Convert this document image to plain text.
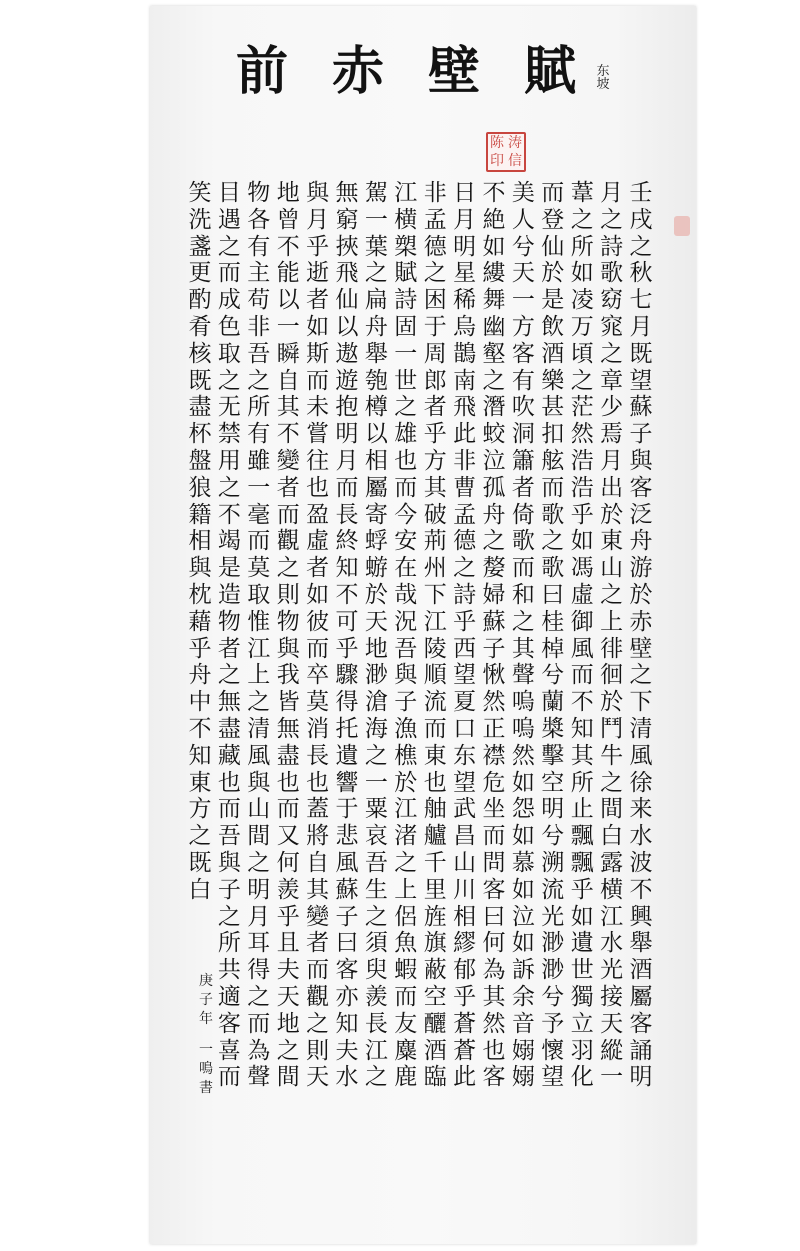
前 赤 壁 賦 东
坡
陈 涛
印 信
壬
戌
之
秋
七
月
既
望
蘇
子
與
客
泛
舟
游
於
赤
壁
之
下
清
風
徐
来
水
波
不
興
舉
酒
屬
客
誦
明
月
之
詩
歌
窈
窕
之
章
少
焉
月
出
於
東
山
之
上
徘
徊
於
鬥
牛
之
間
白
露
横
江
水
光
接
天
縱
一
葦
之
所
如
凌
万
頃
之
茫
然
浩
浩
乎
如
馮
虛
御
風
而
不
知
其
所
止
飄
飄
乎
如
遺
世
獨
立
羽
化
而
登
仙
於
是
飲
酒
樂
甚
扣
舷
而
歌
之
歌
曰
桂
棹
兮
蘭
槳
擊
空
明
兮
溯
流
光
渺
渺
兮
予
懷
望
美
人
兮
天
一
方
客
有
吹
洞
簫
者
倚
歌
而
和
之
其
聲
嗚
嗚
然
如
怨
如
慕
如
泣
如
訴
余
音
嫋
嫋
不
絶
如
縷
舞
幽
壑
之
潛
蛟
泣
孤
舟
之
嫠
婦
蘇
子
愀
然
正
襟
危
坐
而
問
客
曰
何
為
其
然
也
客
日
月
明
星
稀
烏
鵲
南
飛
此
非
曹
孟
德
之
詩
乎
西
望
夏
口
东
望
武
昌
山
川
相
繆
郁
乎
蒼
蒼
此
非
孟
德
之
困
于
周
郎
者
乎
方
其
破
荊
州
下
江
陵
順
流
而
東
也
舳
艫
千
里
旌
旗
蔽
空
釃
酒
臨
江
横
槊
賦
詩
固
一
世
之
雄
也
而
今
安
在
哉
況
吾
與
子
漁
樵
於
江
渚
之
上
侶
魚
蝦
而
友
麋
鹿
駕
一
葉
之
扁
舟
舉
匏
樽
以
相
屬
寄
蜉
蝣
於
天
地
渺
滄
海
之
一
粟
哀
吾
生
之
須
臾
羨
長
江
之
無
窮
挾
飛
仙
以
遨
遊
抱
明
月
而
長
終
知
不
可
乎
驟
得
托
遺
響
于
悲
風
蘇
子
曰
客
亦
知
夫
水
與
月
乎
逝
者
如
斯
而
未
嘗
往
也
盈
虛
者
如
彼
而
卒
莫
消
長
也
蓋
將
自
其
變
者
而
觀
之
則
天
地
曾
不
能
以
一
瞬
自
其
不
變
者
而
觀
之
則
物
與
我
皆
無
盡
也
而
又
何
羨
乎
且
夫
天
地
之
間
物
各
有
主
苟
非
吾
之
所
有
雖
一
毫
而
莫
取
惟
江
上
之
清
風
與
山
間
之
明
月
耳
得
之
而
為
聲
目
遇
之
而
成
色
取
之
无
禁
用
之
不
竭
是
造
物
者
之
無
盡
藏
也
而
吾
與
子
之
所
共
適
客
喜
而
笑
洗
盞
更
酌
肴
核
既
盡
杯
盤
狼
籍
相
與
枕
藉
乎
舟
中
不
知
東
方
之
既
白
庚
子
年
一
鳴
書
